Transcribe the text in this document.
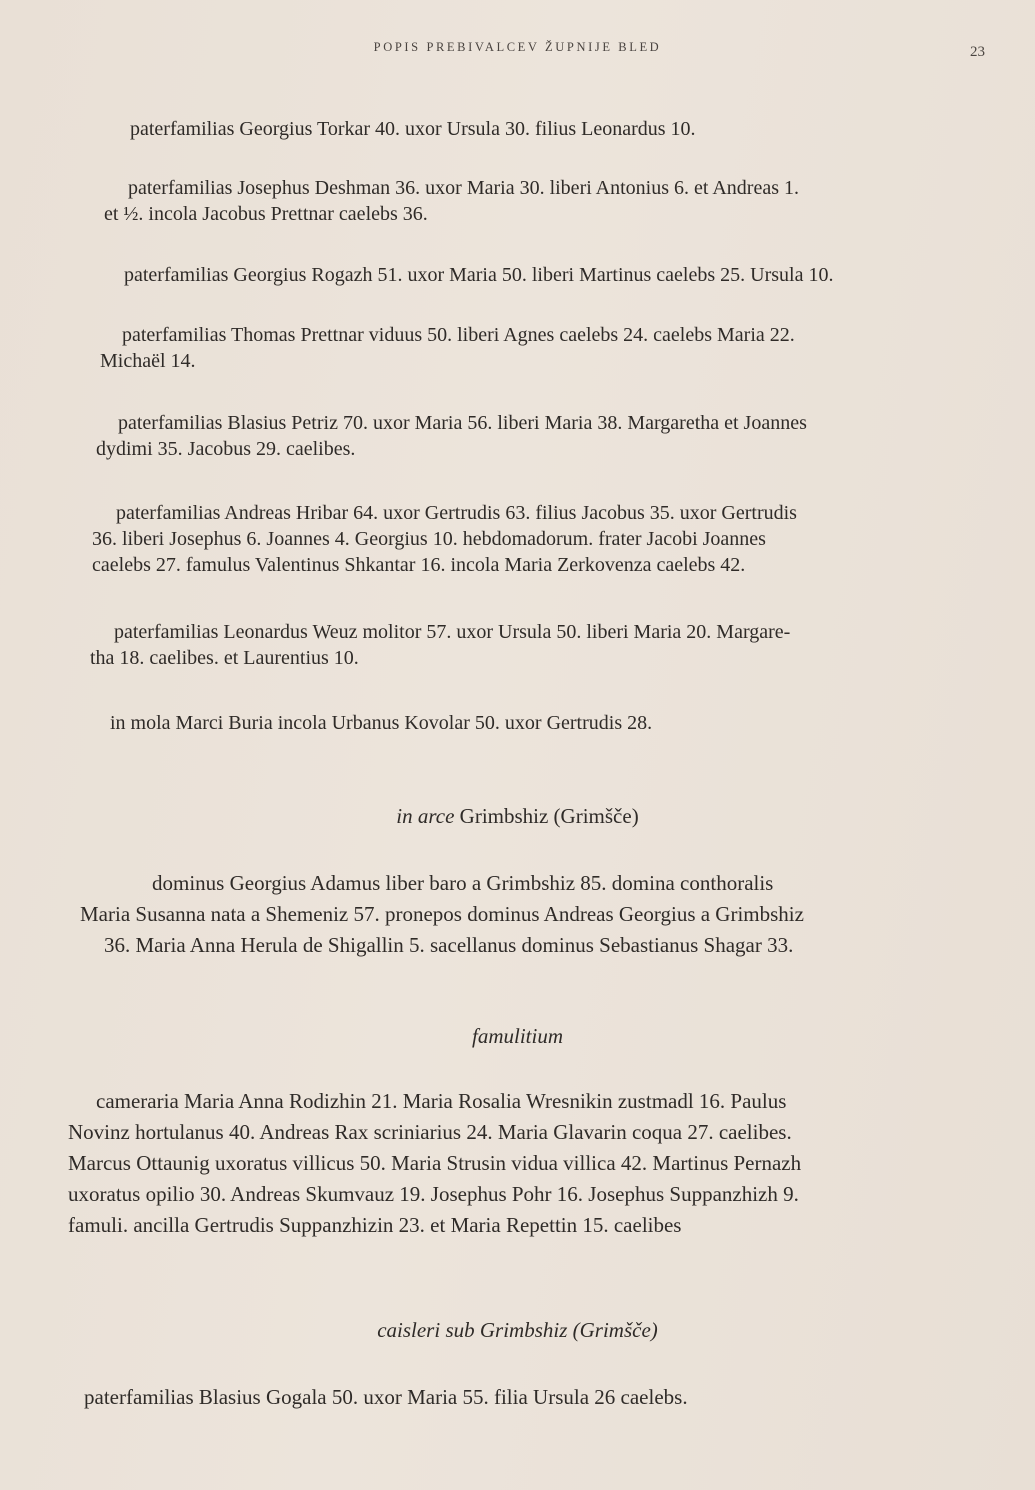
POPIS PREBIVALCEV ŽUPNIJE BLED	23

paterfamilias Georgius Torkar 40. uxor Ursula 30. filius Leonardus 10.

paterfamilias Josephus Deshman 36. uxor Maria 30. liberi Antonius 6. et Andreas 1.
et ½. incola Jacobus Prettnar caelebs 36.

paterfamilias Georgius Rogazh 51. uxor Maria 50. liberi Martinus caelebs 25. Ursula 10.

paterfamilias Thomas Prettnar viduus 50. liberi Agnes caelebs 24. caelebs Maria 22.
Michaël 14.

paterfamilias Blasius Petriz 70. uxor Maria 56. liberi Maria 38. Margaretha et Joannes
dydimi 35. Jacobus 29. caelibes.

paterfamilias Andreas Hribar 64. uxor Gertrudis 63. filius Jacobus 35. uxor Gertrudis
36. liberi Josephus 6. Joannes 4. Georgius 10. hebdomadorum. frater Jacobi Joannes
caelebs 27. famulus Valentinus Shkantar 16. incola Maria Zerkovenza caelebs 42.

paterfamilias Leonardus Weuz molitor 57. uxor Ursula 50. liberi Maria 20. Margare-
tha 18. caelibes. et Laurentius 10.

in mola Marci Buria incola Urbanus Kovolar 50. uxor Gertrudis 28.

in arce Grimbshiz (Grimšče)

dominus Georgius Adamus liber baro a Grimbshiz 85. domina conthoralis
Maria Susanna nata a Shemeniz 57. pronepos dominus Andreas Georgius a Grimbshiz
36. Maria Anna Herula de Shigallin 5. sacellanus dominus Sebastianus Shagar 33.

famulitium

cameraria Maria Anna Rodizhin 21. Maria Rosalia Wresnikin zustmadl 16. Paulus
Novinz hortulanus 40. Andreas Rax scriniarius 24. Maria Glavarin coqua 27. caelibes.
Marcus Ottaunig uxoratus villicus 50. Maria Strusin vidua villica 42. Martinus Pernazh
uxoratus opilio 30. Andreas Skumvauz 19. Josephus Pohr 16. Josephus Suppanzhizh 9.
famuli. ancilla Gertrudis Suppanzhizin 23. et Maria Repettin 15. caelibes

caisleri sub Grimbshiz (Grimšče)

paterfamilias Blasius Gogala 50. uxor Maria 55. filia Ursula 26 caelebs.
